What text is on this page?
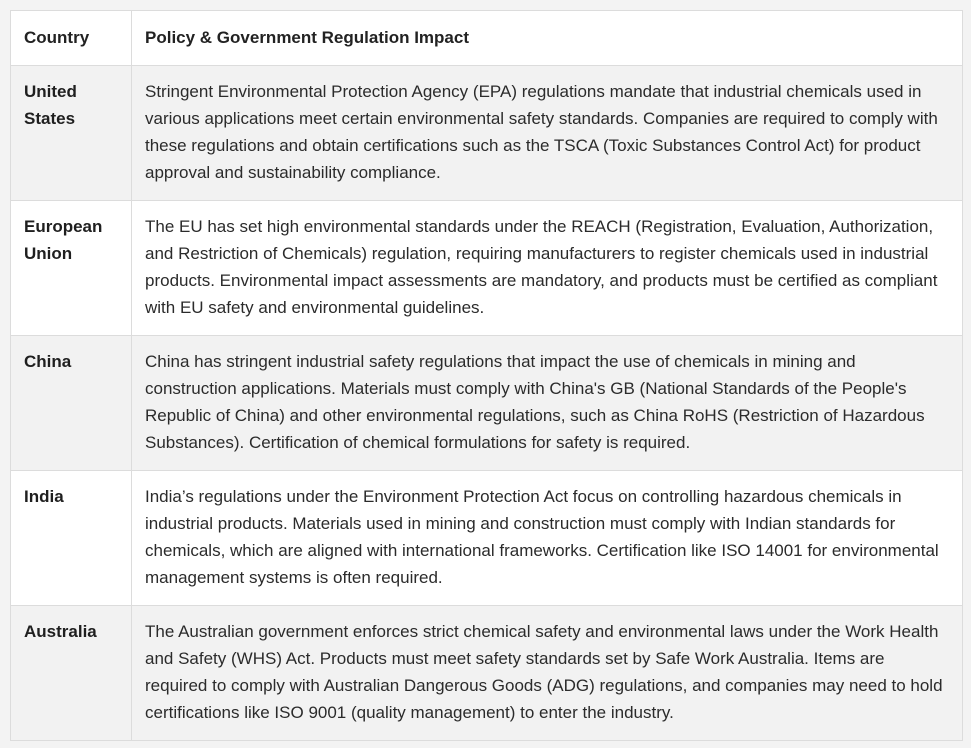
Country	Policy & Government Regulation Impact
United States	Stringent Environmental Protection Agency (EPA) regulations mandate that industrial chemicals used in various applications meet certain environmental safety standards. Companies are required to comply with these regulations and obtain certifications such as the TSCA (Toxic Substances Control Act) for product approval and sustainability compliance.
European Union	The EU has set high environmental standards under the REACH (Registration, Evaluation, Authorization, and Restriction of Chemicals) regulation, requiring manufacturers to register chemicals used in industrial products. Environmental impact assessments are mandatory, and products must be certified as compliant with EU safety and environmental guidelines.
China	China has stringent industrial safety regulations that impact the use of chemicals in mining and construction applications. Materials must comply with China's GB (National Standards of the People's Republic of China) and other environmental regulations, such as China RoHS (Restriction of Hazardous Substances). Certification of chemical formulations for safety is required.
India	India’s regulations under the Environment Protection Act focus on controlling hazardous chemicals in industrial products. Materials used in mining and construction must comply with Indian standards for chemicals, which are aligned with international frameworks. Certification like ISO 14001 for environmental management systems is often required.
Australia	The Australian government enforces strict chemical safety and environmental laws under the Work Health and Safety (WHS) Act. Products must meet safety standards set by Safe Work Australia. Items are required to comply with Australian Dangerous Goods (ADG) regulations, and companies may need to hold certifications like ISO 9001 (quality management) to enter the industry.
